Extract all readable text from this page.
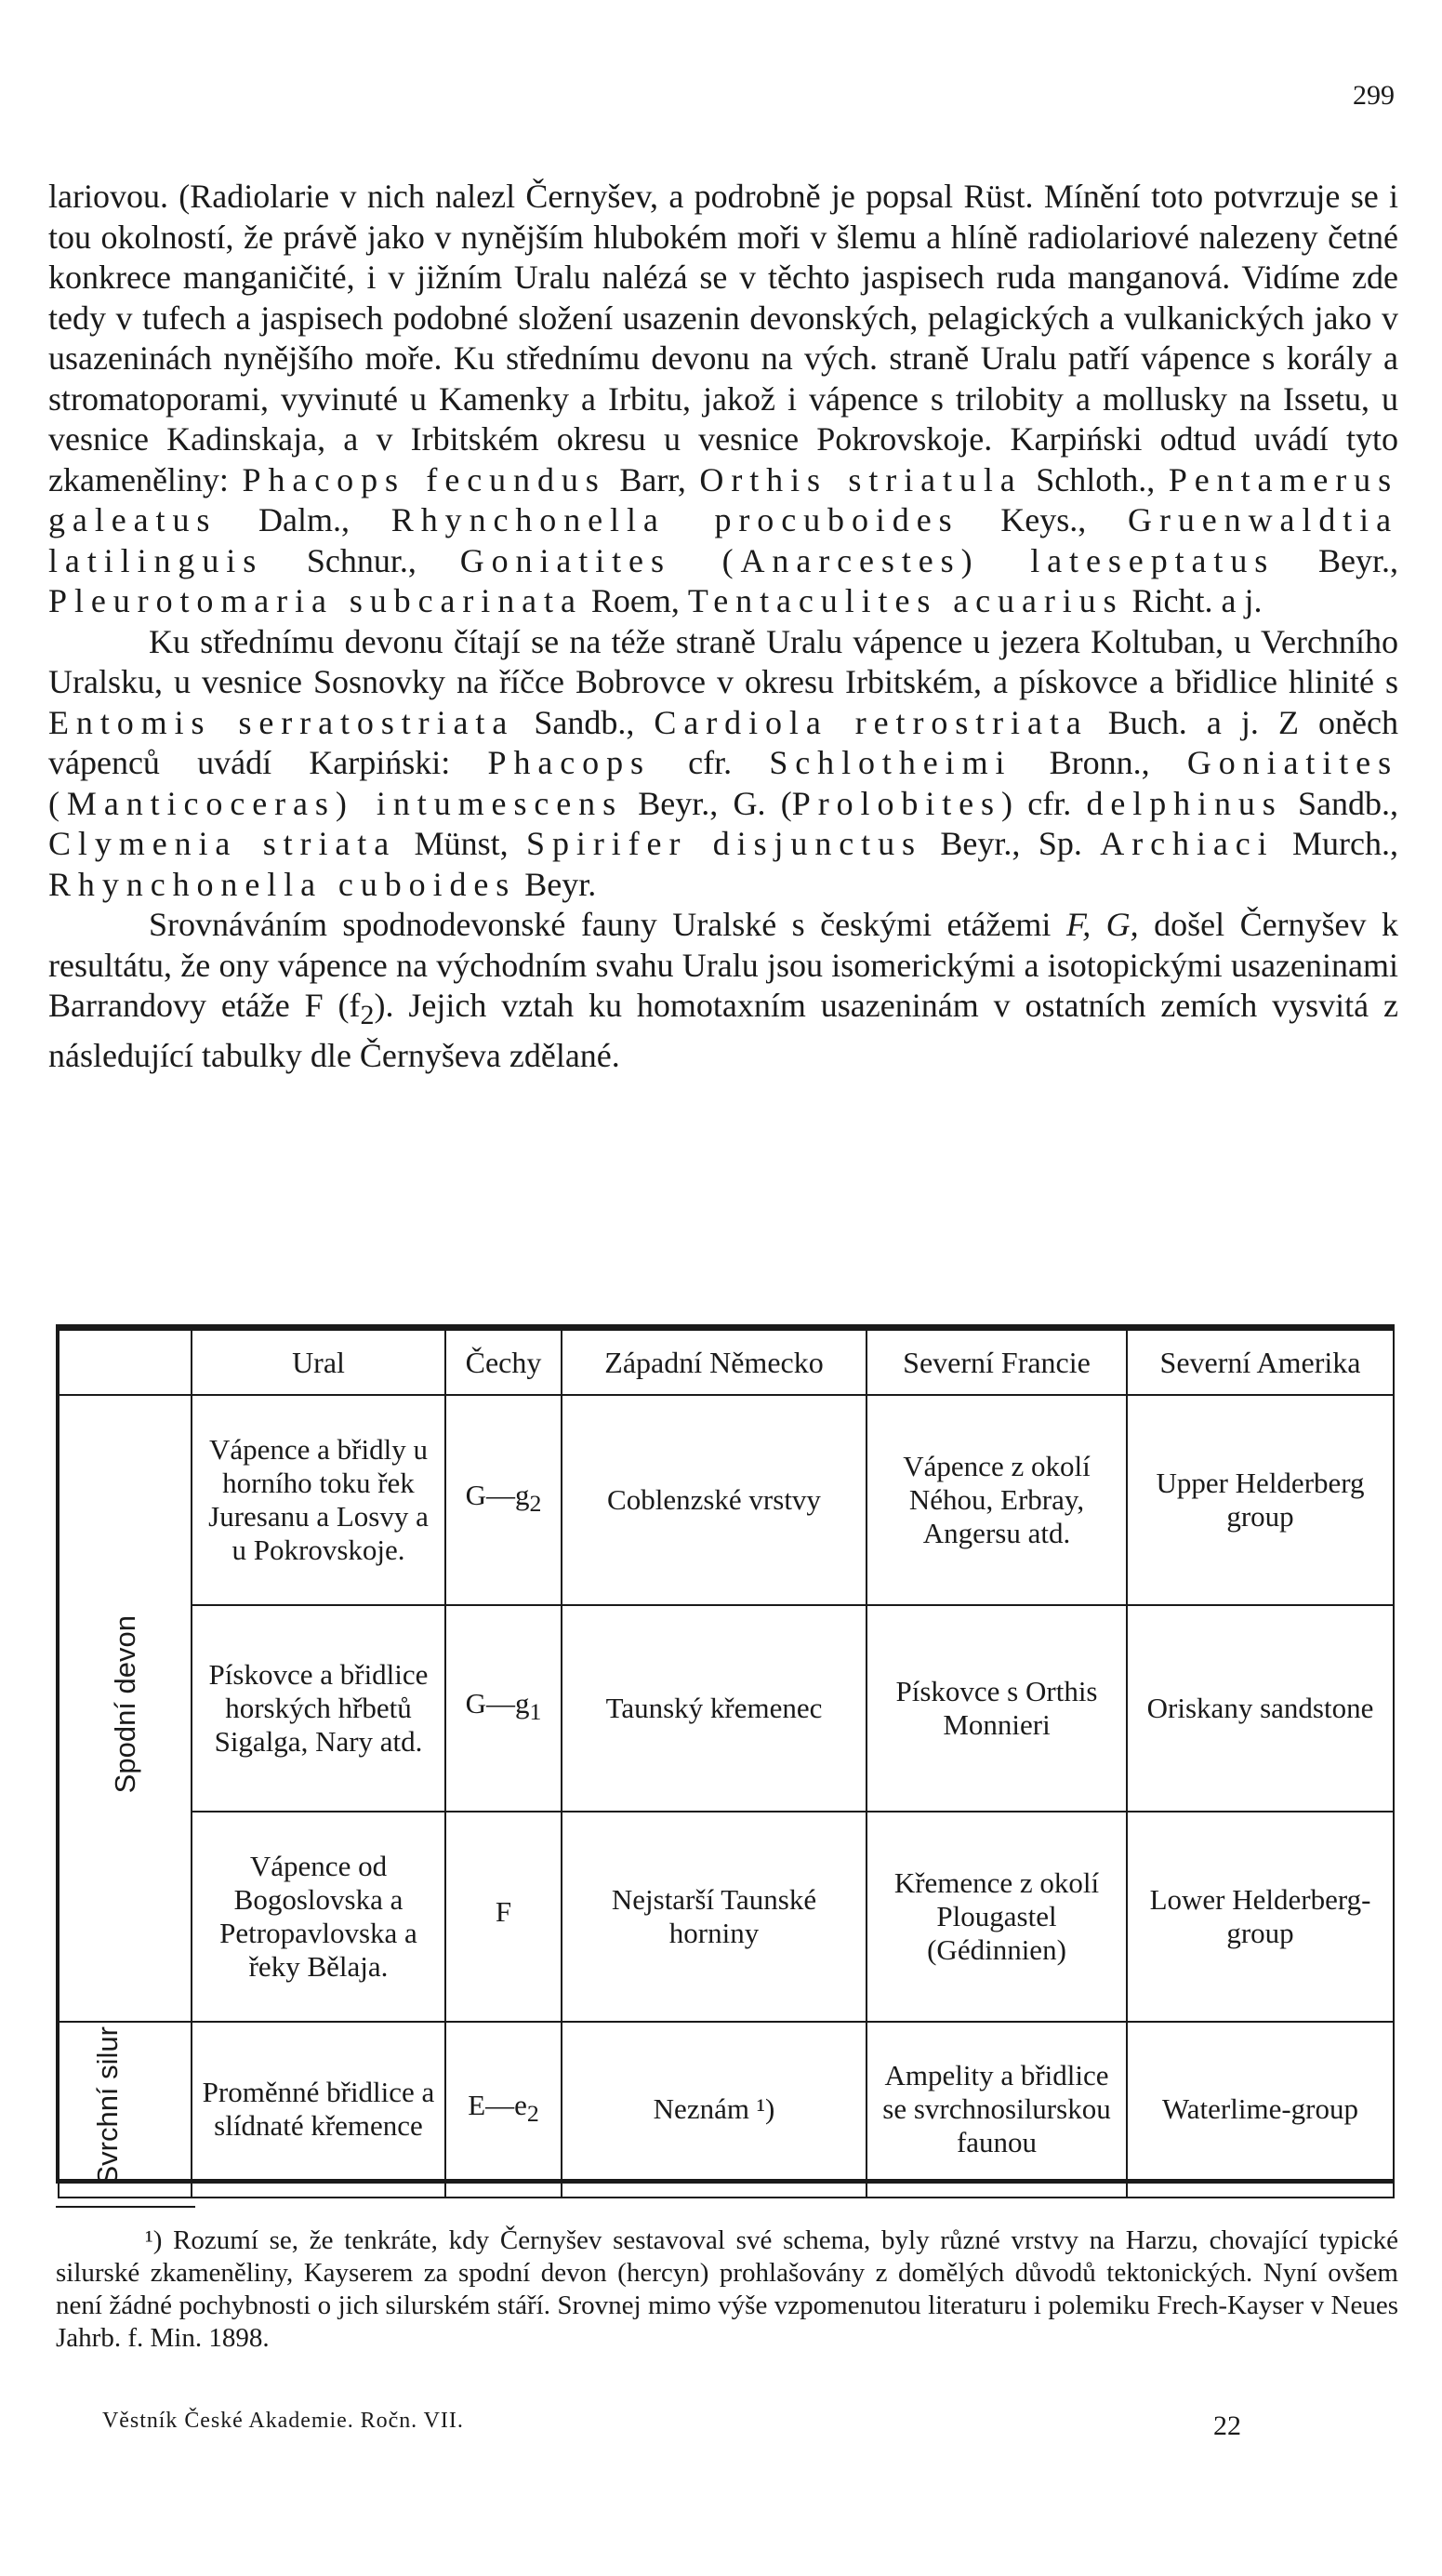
299

lariovou. (Radiolarie v nich nalezl Černyšev, a podrobně je popsal Rüst. Mínění toto potvrzuje se i tou okolností, že právě jako v nynějším hlubokém moři v šlemu a hlíně radiolariové nalezeny četné konkrece manganičité, i v jižním Uralu nalézá se v těchto jaspisech ruda manganová. Vidíme zde tedy v tufech a jaspisech podobné složení usazenin devonských, pelagických a vulkanických jako v usazeninách nynějšího moře. Ku střednímu devonu na vých. straně Uralu patří vápence s korály a stromatoporami, vyvinuté u Kamenky a Irbitu, jakož i vápence s trilobity a mollusky na Issetu, u vesnice Kadinskaja, a v Irbitském okresu u vesnice Pokrovskoje. Karpiński odtud uvádí tyto zkameněliny: Phacops fecundus Barr, Orthis striatula Schloth., Pentamerus galeatus Dalm., Rhynchonella procuboides Keys., Gruenwaldtia latilinguis Schnur., Goniatites (Anarcestes) lateseptatus Beyr., Pleurotomaria subcarinata Roem, Tentaculites acuarius Richt. a j.

Ku střednímu devonu čítají se na téže straně Uralu vápence u jezera Koltuban, u Verchního Uralsku, u vesnice Sosnovky na říčce Bobrovce v okresu Irbitském, a pískovce a břidlice hlinité s Entomis serratostriata Sandb., Cardiola retrostriata Buch. a j. Z oněch vápenců uvádí Karpiński: Phacops cfr. Schlotheimi Bronn., Goniatites (Manticoceras) intumescens Beyr., G. (Prolobites) cfr. delphinus Sandb., Clymenia striata Münst, Spirifer disjunctus Beyr., Sp. Archiaci Murch., Rhynchonella cuboides Beyr.

Srovnáváním spodnodevonské fauny Uralské s českými etážemi F, G, došel Černyšev k resultátu, že ony vápence na východním svahu Uralu jsou isomerickými a isotopickými usazeninami Barrandovy etáže F $(f_2)$. Jejich vztah ku homotaxním usazeninám v ostatních zemích vysvitá z následující tabulky dle Černyševa zdělané.

	Ural	Čechy	Západní Německo	Severní Francie	Severní Amerika
Spodní devon	Vápence a břidly u horního toku řek Juresanu a Losvy a u Pokrovskoje.	$G—g_2$	Coblenzské vrstvy	Vápence z okolí Néhou, Erbray, Angersu atd.	Upper Helderberg group
	Pískovce a břidlice horských hřbetů Sigalga, Nary atd.	$G—g_1$	Taunský křemenec	Pískovce s Orthis Monnieri	Oriskany sandstone
	Vápence od Bogoslovska a Petropavlovska a řeky Bělaja.	F	Nejstarší Taunské horniny	Křemence z okolí Plougastel (Gédinnien)	Lower Helderberg-group
Svrchní silur	Proměnné břidlice a slídnaté křemence	$E—e_2$	Neznám ¹)	Ampelity a břidlice se svrchnosilurskou faunou	Waterlime-group

¹) Rozumí se, že tenkráte, kdy Černyšev sestavoval své schema, byly různé vrstvy na Harzu, chovající typické silurské zkameněliny, Kayserem za spodní devon (hercyn) prohlašovány z domělých důvodů tektonických. Nyní ovšem není žádné pochybnosti o jich silurském stáří. Srovnej mimo výše vzpomenutou literaturu i polemiku Frech-Kayser v Neues Jahrb. f. Min. 1898.

Věstník České Akademie. Ročn. VII.	22
